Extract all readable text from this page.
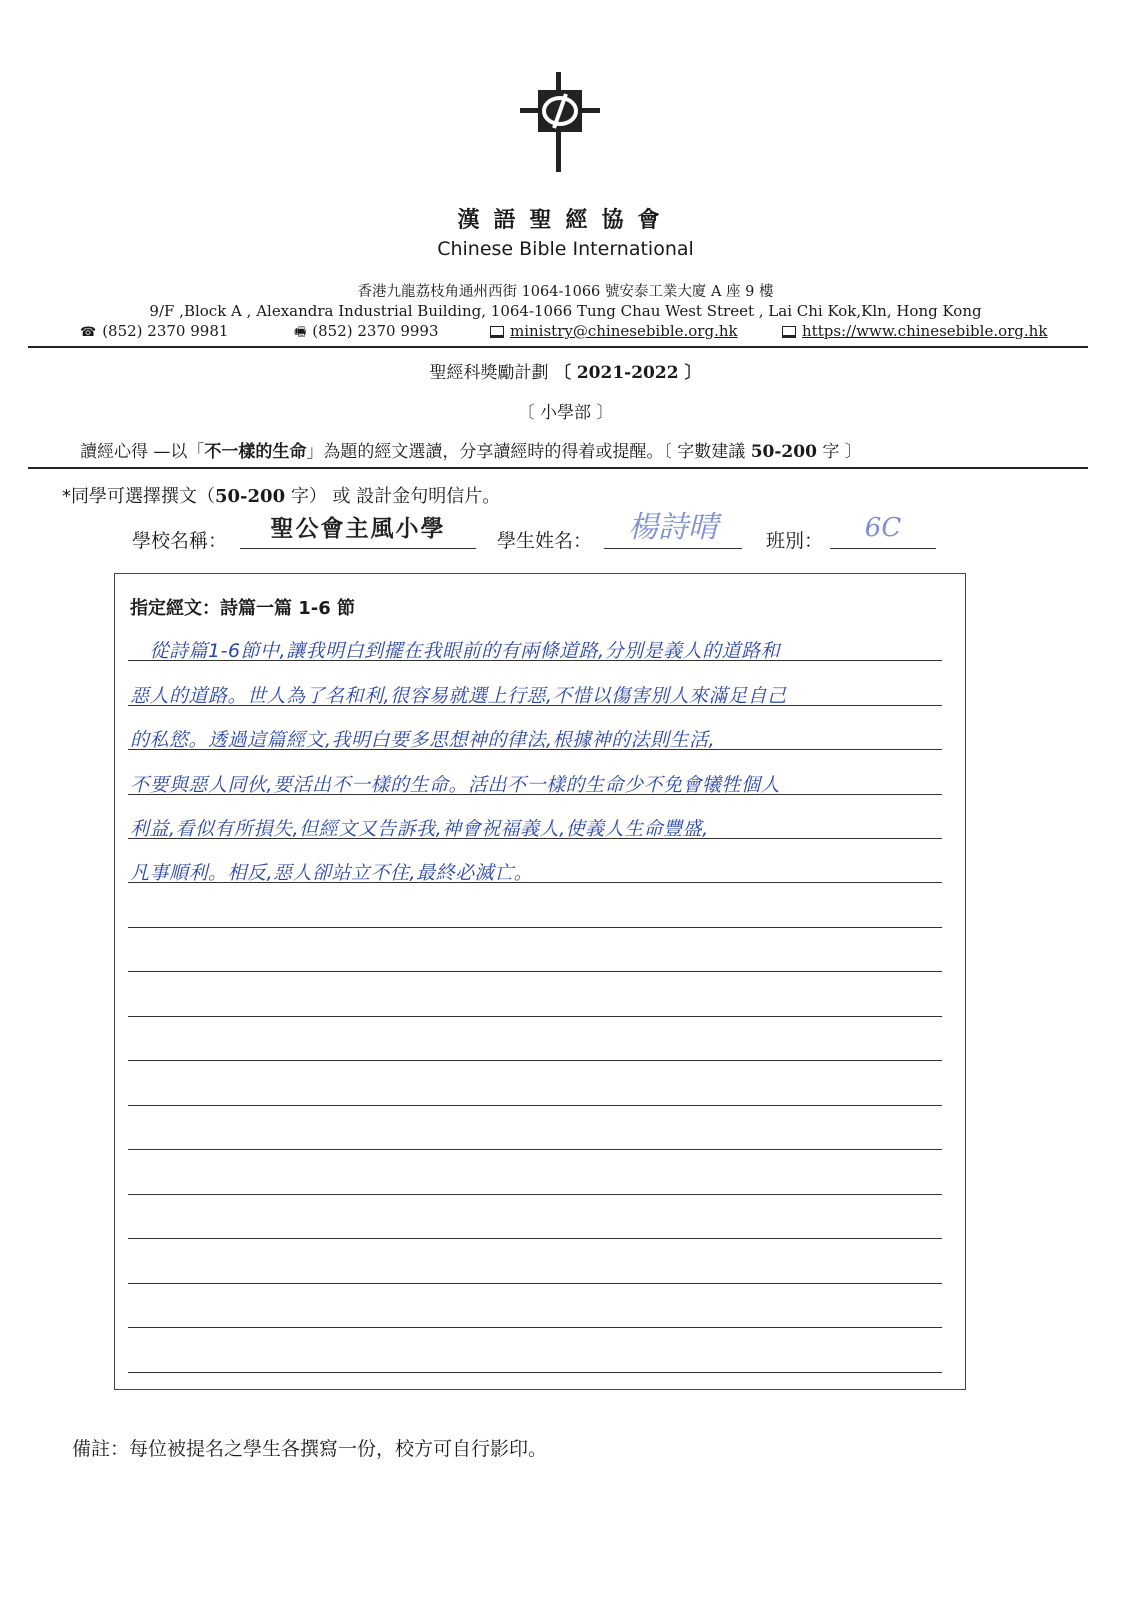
漢語聖經協會
Chinese Bible International
香港九龍荔枝角通州西街 1064-1066 號安泰工業大廈 A 座 9 樓
9/F ,Block A , Alexandra Industrial Building, 1064-1066 Tung Chau West Street , Lai Chi Kok,Kln, Hong Kong
☎ (852) 2370 9981	🖷 (852) 2370 9993	ministry@chinesebible.org.hk	https://www.chinesebible.org.hk
聖經科獎勵計劃 〔 2021-2022 〕
〔 小學部 〕
讀經心得 —以「不一樣的生命」為題的經文選讀，分享讀經時的得着或提醒。〔 字數建議 50-200 字 〕
*同學可選擇撰文（50-200 字） 或 設計金句明信片。
學校名稱：	聖公會主風小學	學生姓名：	楊詩晴	班別：	6C
指定經文：詩篇一篇 1-6 節
　從詩篇1-6節中,讓我明白到擺在我眼前的有兩條道路,分別是義人的道路和
惡人的道路。世人為了名和利,很容易就選上行惡,不惜以傷害別人來滿足自己
的私慾。透過這篇經文,我明白要多思想神的律法,根據神的法則生活,
不要與惡人同伙,要活出不一樣的生命。活出不一樣的生命少不免會犧牲個人
利益,看似有所損失,但經文又告訴我,神會祝福義人,使義人生命豐盛,
凡事順利。相反,惡人卻站立不住,最終必滅亡。
備註：每位被提名之學生各撰寫一份，校方可自行影印。
